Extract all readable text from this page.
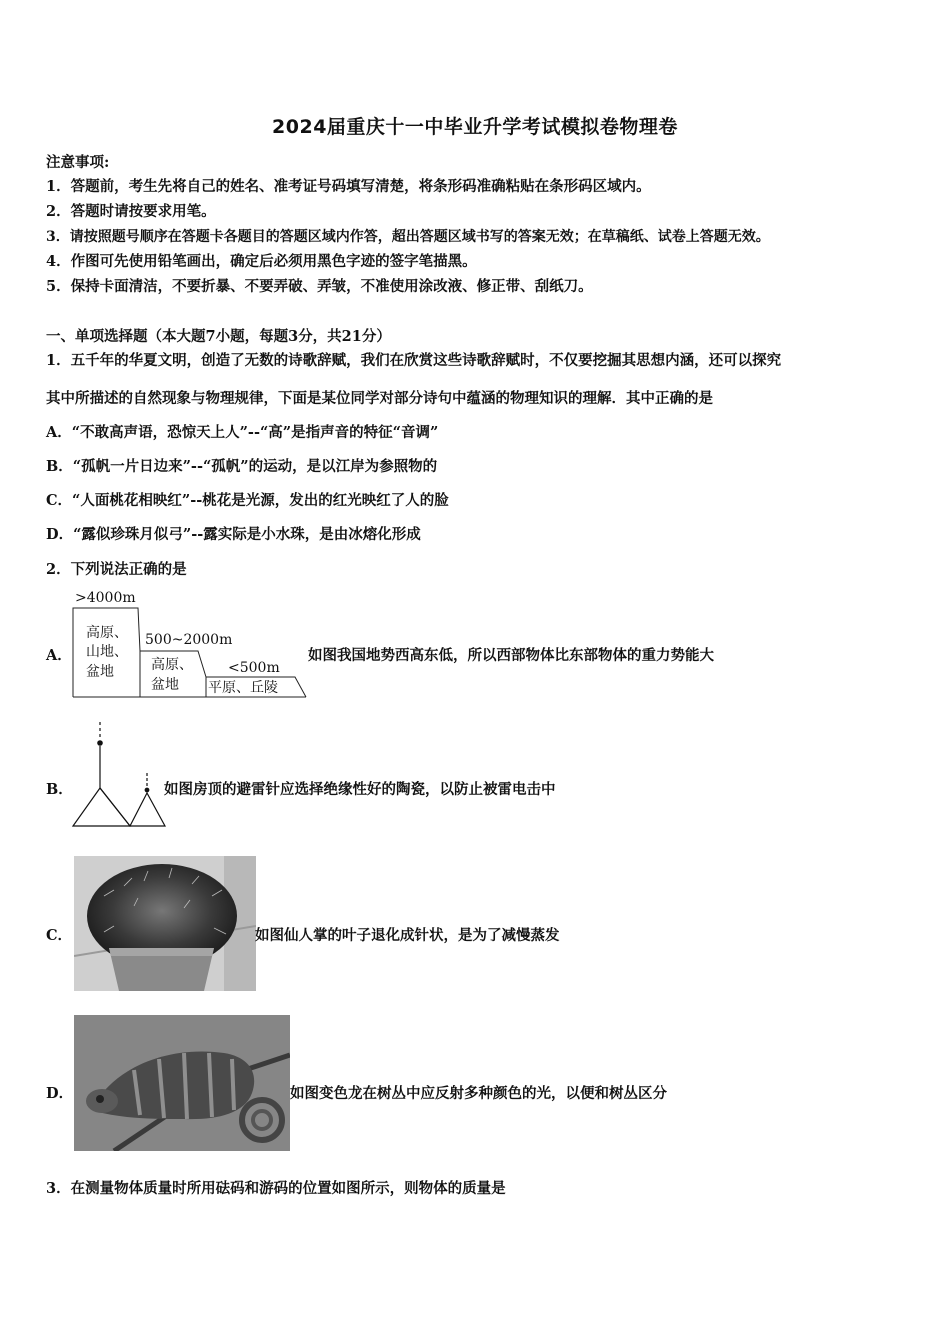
2024届重庆十一中毕业升学考试模拟卷物理卷
注意事项:
1．答题前，考生先将自己的姓名、准考证号码填写清楚，将条形码准确粘贴在条形码区域内。
2．答题时请按要求用笔。
3．请按照题号顺序在答题卡各题目的答题区域内作答，超出答题区域书写的答案无效；在草稿纸、试卷上答题无效。
4．作图可先使用铅笔画出，确定后必须用黑色字迹的签字笔描黑。
5．保持卡面清洁，不要折暴、不要弄破、弄皱，不准使用涂改液、修正带、刮纸刀。
一、单项选择题（本大题7小题，每题3分，共21分）
1．五千年的华夏文明，创造了无数的诗歌辞赋，我们在欣赏这些诗歌辞赋时，不仅要挖掘其思想内涵，还可以探究
其中所描述的自然现象与物理规律，下面是某位同学对部分诗句中蕴涵的物理知识的理解．其中正确的是
A．“不敢高声语，恐惊天上人”--“高”是指声音的特征“音调”
B．“孤帆一片日边来”--“孤帆”的运动，是以江岸为参照物的
C．“人面桃花相映红”--桃花是光源，发出的红光映红了人的脸
D．“露似珍珠月似弓”--露实际是小水珠，是由冰熔化形成
2．下列说法正确的是
A．
>4000m
高原、
山地、
盆地
500~2000m
高原、
盆地
<500m
平原、丘陵
如图我国地势西高东低，所以西部物体比东部物体的重力势能大
B．	如图房顶的避雷针应选择绝缘性好的陶瓷，以防止被雷电击中
C．	如图仙人掌的叶子退化成针状，是为了减慢蒸发
D．	如图变色龙在树丛中应反射多种颜色的光，以便和树丛区分
3．在测量物体质量时所用砝码和游码的位置如图所示，则物体的质量是
